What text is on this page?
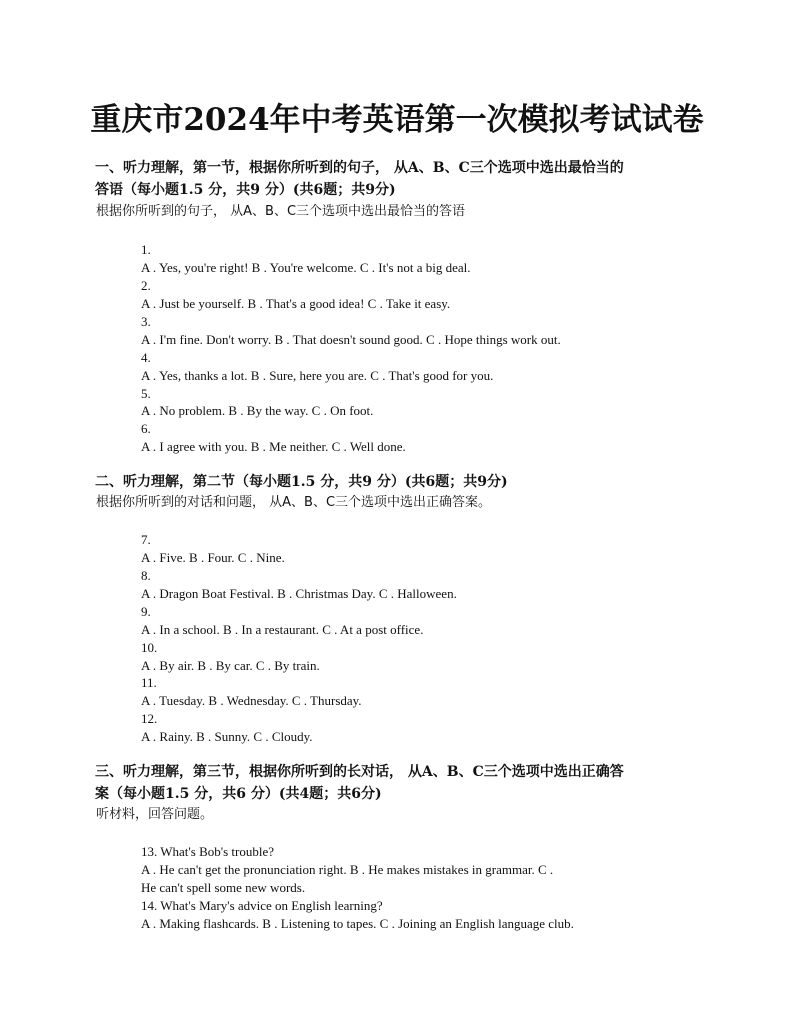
重庆市2024年中考英语第一次模拟考试试卷
一、听力理解，第一节，根据你所听到的句子， 从A、B、C三个选项中选出最恰当的
答语（每小题1.5 分，共9 分）(共6题；共9分)
根据你所听到的句子， 从A、B、C三个选项中选出最恰当的答语
1.
A . Yes, you're right! B . You're welcome. C . It's not a big deal.
2.
A . Just be yourself. B . That's a good idea! C . Take it easy.
3.
A . I'm fine. Don't worry. B . That doesn't sound good. C . Hope things work out.
4.
A . Yes, thanks a lot. B . Sure, here you are. C . That's good for you.
5.
A . No problem. B . By the way. C . On foot.
6.
A . I agree with you. B . Me neither. C . Well done.
二、听力理解，第二节（每小题1.5 分，共9 分）(共6题；共9分)
根据你所听到的对话和问题， 从A、B、C三个选项中选出正确答案。
7.
A . Five. B . Four. C . Nine.
8.
A . Dragon Boat Festival. B . Christmas Day. C . Halloween.
9.
A . In a school. B . In a restaurant. C . At a post office.
10.
A . By air. B . By car. C . By train.
11.
A . Tuesday. B . Wednesday. C . Thursday.
12.
A . Rainy. B . Sunny. C . Cloudy.
三、听力理解，第三节，根据你所听到的长对话， 从A、B、C三个选项中选出正确答
案（每小题1.5 分，共6 分）(共4题；共6分)
听材料，回答问题。
13. What's Bob's trouble?
A . He can't get the pronunciation right. B . He makes mistakes in grammar. C .
He can't spell some new words.
14. What's Mary's advice on English learning?
A . Making flashcards. B . Listening to tapes. C . Joining an English language club.
